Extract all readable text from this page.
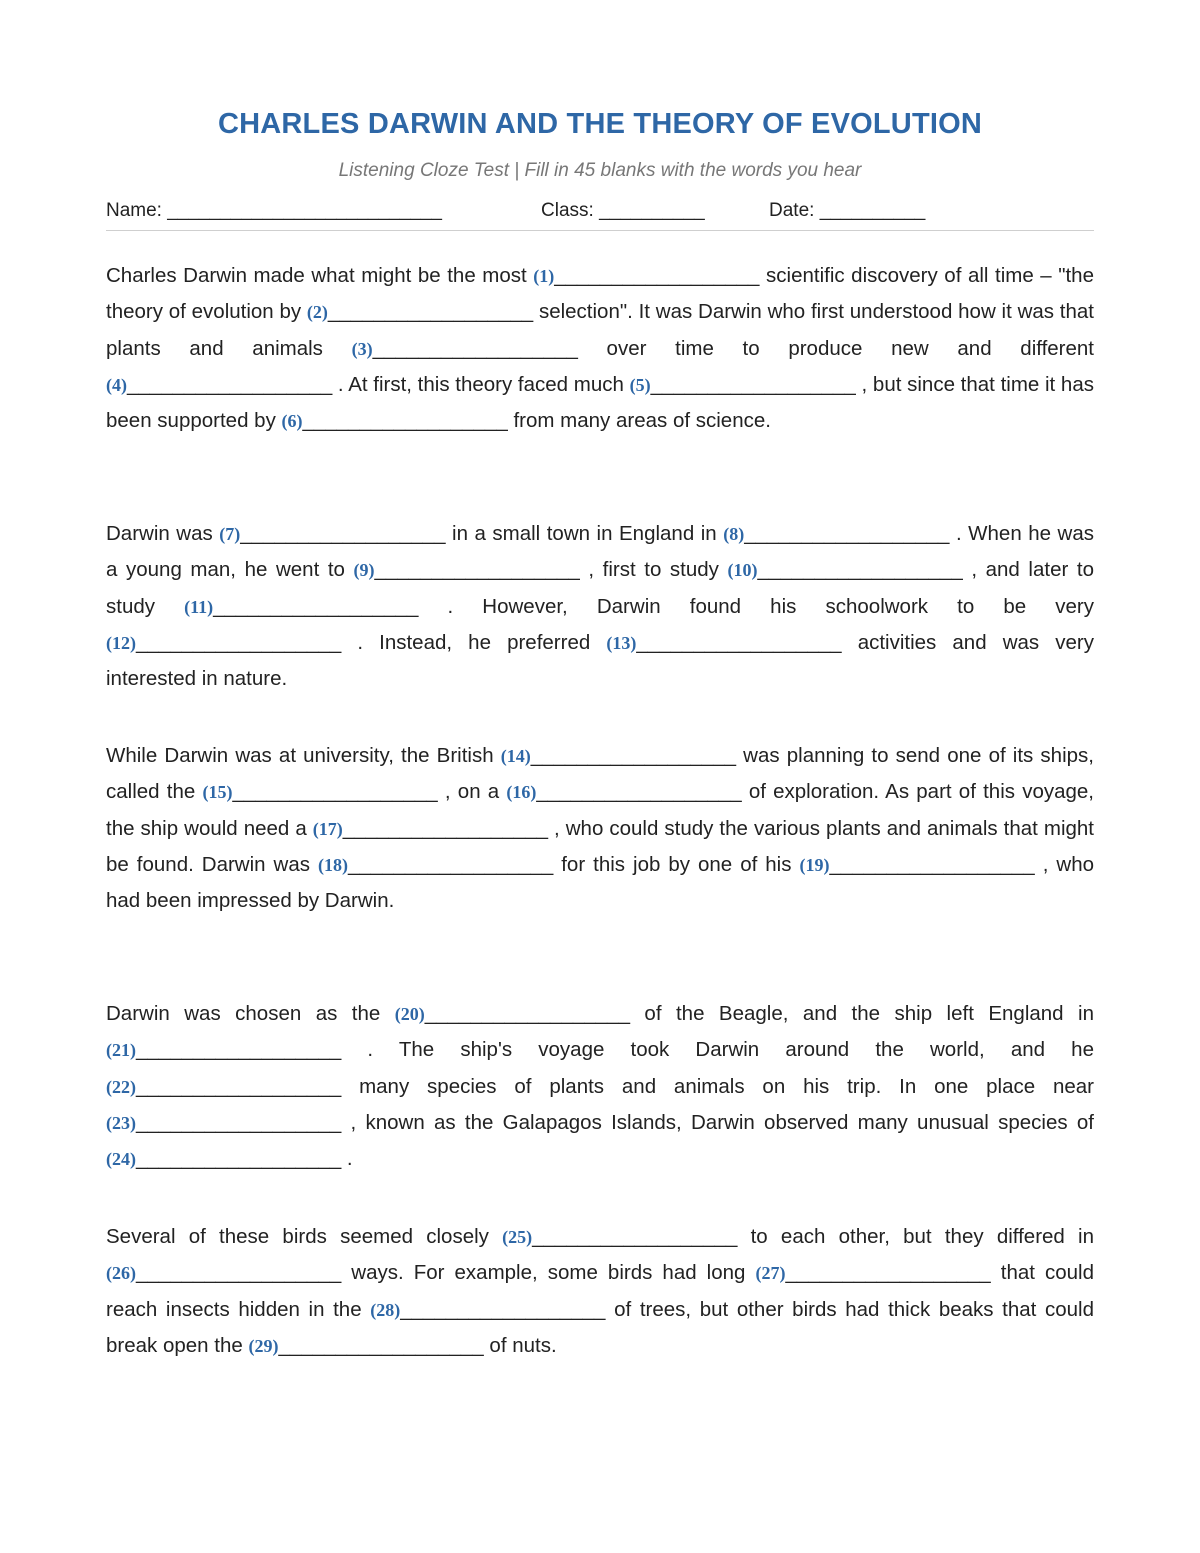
CHARLES DARWIN AND THE THEORY OF EVOLUTION
Listening Cloze Test | Fill in 45 blanks with the words you hear
Name: __________________________	Class: __________	Date: __________
Charles Darwin made what might be the most (1)__________________ scientific discovery of all time – "the theory of evolution by (2)__________________ selection". It was Darwin who first understood how it was that plants and animals (3)__________________ over time to produce new and different (4)__________________ . At first, this theory faced much (5)__________________ , but since that time it has been supported by (6)__________________ from many areas of science.
Darwin was (7)__________________ in a small town in England in (8)__________________ . When he was a young man, he went to (9)__________________ , first to study (10)__________________ , and later to study (11)__________________ . However, Darwin found his schoolwork to be very (12)__________________ . Instead, he preferred (13)__________________ activities and was very interested in nature.
While Darwin was at university, the British (14)__________________ was planning to send one of its ships, called the (15)__________________ , on a (16)__________________ of exploration. As part of this voyage, the ship would need a (17)__________________ , who could study the various plants and animals that might be found. Darwin was (18)__________________ for this job by one of his (19)__________________ , who had been impressed by Darwin.
Darwin was chosen as the (20)__________________ of the Beagle, and the ship left England in (21)__________________ . The ship's voyage took Darwin around the world, and he (22)__________________ many species of plants and animals on his trip. In one place near (23)__________________ , known as the Galapagos Islands, Darwin observed many unusual species of (24)__________________ .
Several of these birds seemed closely (25)__________________ to each other, but they differed in (26)__________________ ways. For example, some birds had long (27)__________________ that could reach insects hidden in the (28)__________________ of trees, but other birds had thick beaks that could break open the (29)__________________ of nuts.
